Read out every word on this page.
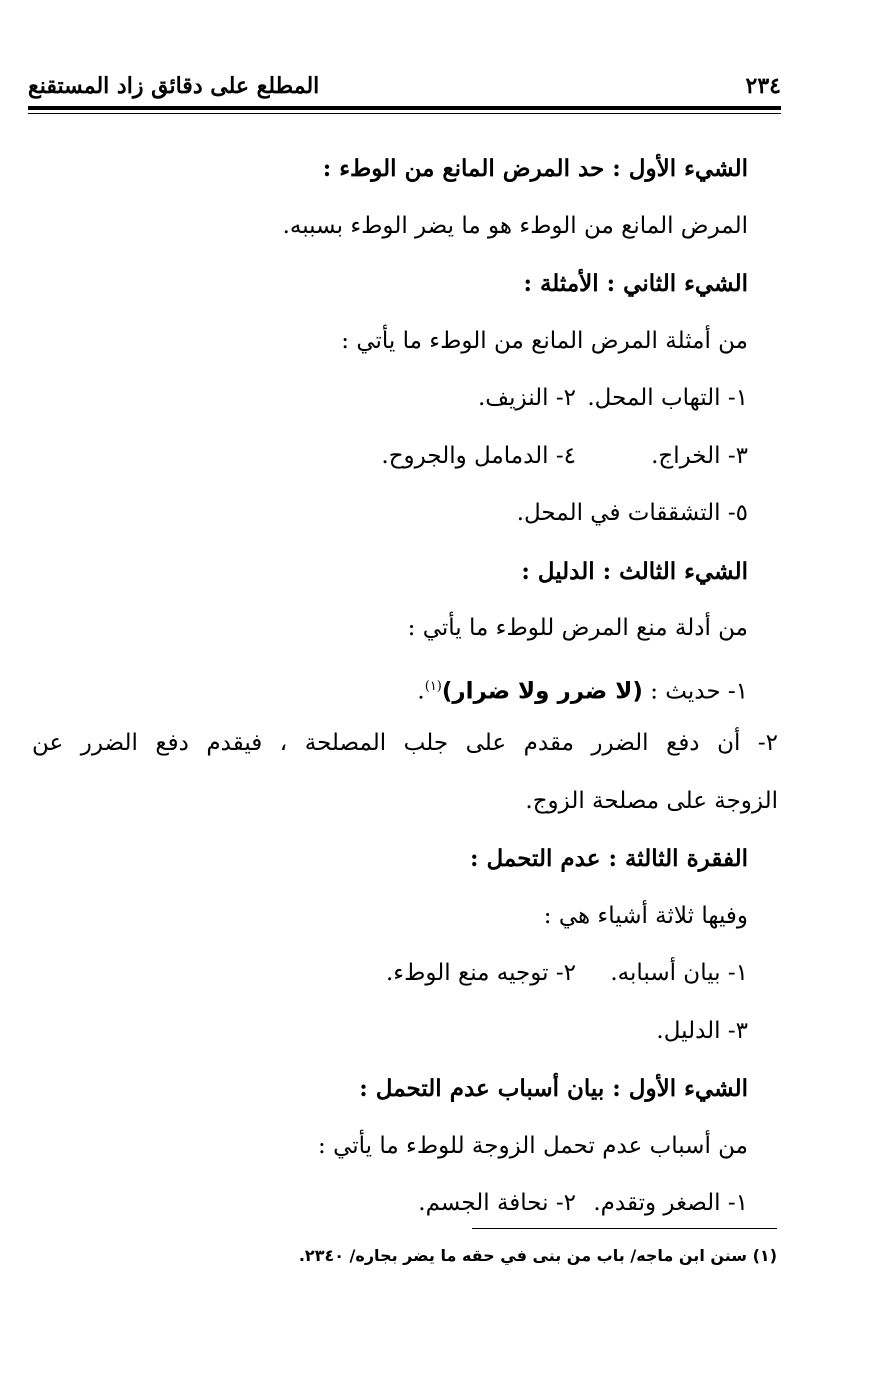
٢٣٤
المطلع على دقائق زاد المستقنع
الشيء الأول : حد المرض المانع من الوطء :
المرض المانع من الوطء هو ما يضر الوطء بسببه.
الشيء الثاني : الأمثلة :
من أمثلة المرض المانع من الوطء ما يأتي :
١- التهاب المحل.
٢- النزيف.
٣- الخراج.
٤- الدمامل والجروح.
٥- التشققات في المحل.
الشيء الثالث : الدليل :
من أدلة منع المرض للوطء ما يأتي :
١- حديث : (لا ضرر ولا ضرار)$^{(١)}$.
٢- أن دفع الضرر مقدم على جلب المصلحة ، فيقدم دفع الضرر عن
الزوجة على مصلحة الزوج.
الفقرة الثالثة : عدم التحمل :
وفيها ثلاثة أشياء هي :
١- بيان أسبابه.
٢- توجيه منع الوطء.
٣- الدليل.
الشيء الأول : بيان أسباب عدم التحمل :
من أسباب عدم تحمل الزوجة للوطء ما يأتي :
١- الصغر وتقدم.
٢- نحافة الجسم.
(١) سنن ابن ماجه/ باب من بنى في حقه ما يضر بجاره/ ٢٣٤٠.
